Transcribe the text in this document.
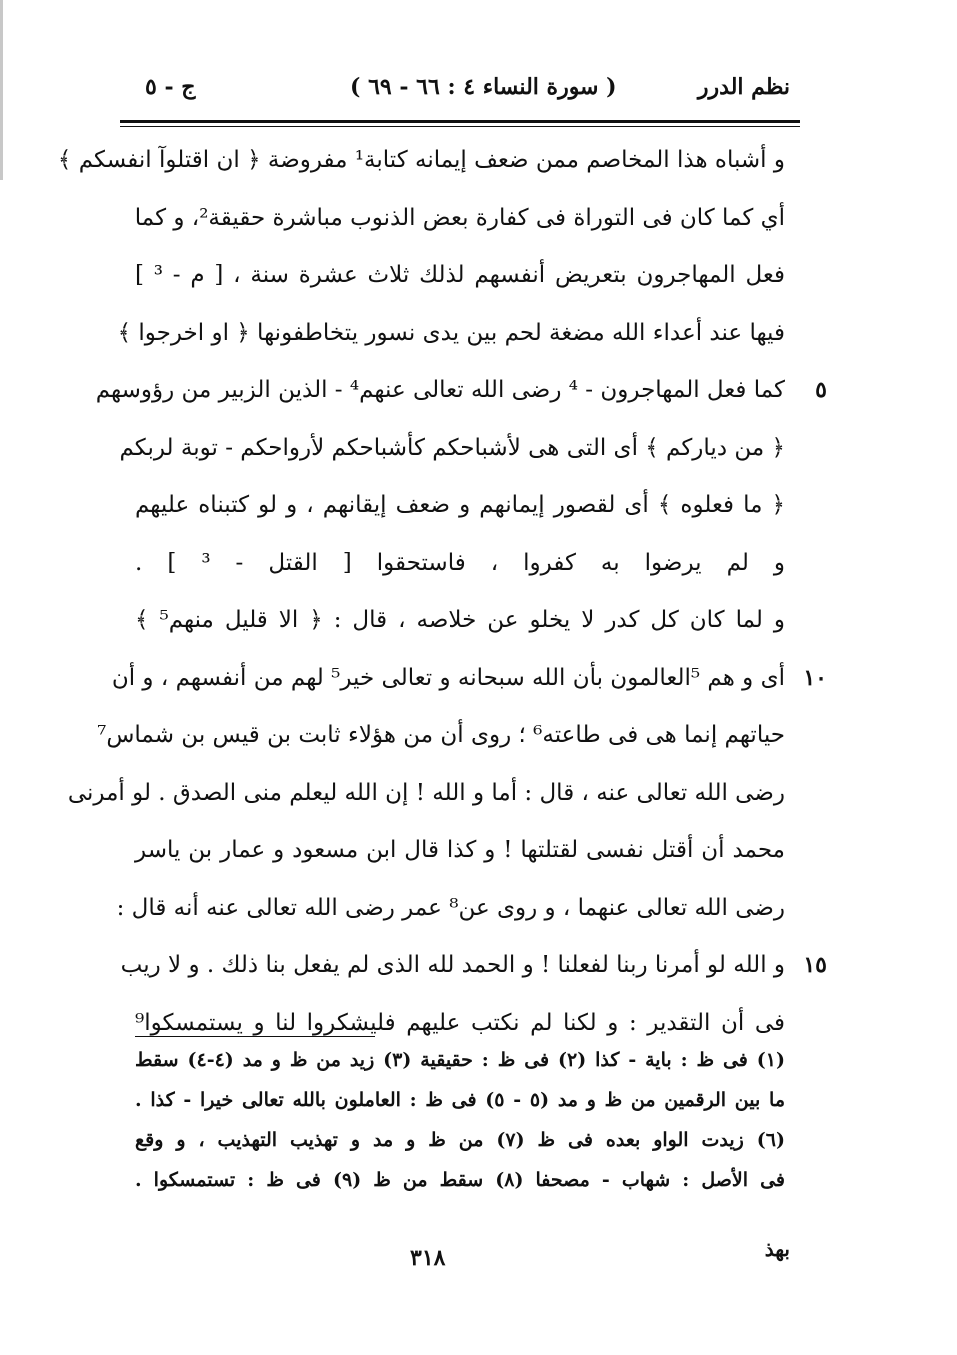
نظم الدرر
( سورة النساء ٤ : ٦٦ - ٦٩ )
ج - ٥
و أشباه هذا المخاصم ممن ضعف إيمانه كتابة¹ مفروضة ﴿ ان اقتلوآ انفسكم ﴾
أي كما كان فى التوراة فى كفارة بعض الذنوب مباشرة حقيقة²، و كما
فعل المهاجرون بتعريض أنفسهم لذلك ثلاث عشرة سنة ، [ م - ³ ]
فيها عند أعداء الله مضغة لحم بين يدى نسور يتخاطفونها ﴿ او اخرجوا ﴾
٥
كما فعل المهاجرون - ⁴ رضى الله تعالى عنهم⁴ - الذين الزبير من رؤوسهم
﴿ من دياركم ﴾ أى التى هى لأشباحكم كأشباحكم لأرواحكم - توبة لربكم
﴿ ما فعلوه ﴾ أى لقصور إيمانهم و ضعف إيقانهم ، و لو كتبناه عليهم
و لم يرضوا به كفروا ، فاستحقوا [ القتل - ³ ] .
و لما كان كل كدر لا يخلو عن خلاصه ، قال : ﴿ الا قليل منهم⁵ ﴾
١٠
أى و هم ⁵العالمون بأن الله سبحانه و تعالى خير⁵ لهم من أنفسهم ، و أن
حياتهم إنما هى فى طاعته⁶ ؛ روى أن من هؤلاء ثابت بن قيس بن شماس⁷
رضى الله تعالى عنه ، قال : أما و الله ! إن الله ليعلم منى الصدق . لو أمرنى
محمد أن أقتل نفسى لقتلتها ! و كذا قال ابن مسعود و عمار بن ياسر
رضى الله تعالى عنهما ، و روى عن⁸ عمر رضى الله تعالى عنه أنه قال :
١٥
و الله لو أمرنا ربنا لفعلنا ! و الحمد لله الذى لم يفعل بنا ذلك . و لا ريب
فى أن التقدير : و لكنا لم نكتب عليهم فليشكروا لنا و يستمسكوا⁹
(١) فى ظ : باية - كذا (٢) فى ظ : حقيقية (٣) زيد من ظ و مد (٤-٤) سقط
ما بين الرقمين من ظ و مد (٥ - ٥) فى ظ : العاملون بالله تعالى خيرا - كذا .
(٦) زيدت الواو بعده فى ظ (٧) من ظ و مد و تهذيب التهذيب ، و وقع
فى الأصل : شهاب - مصحفا (٨) سقط من ظ (٩) فى ظ : تستمسكوا .
بهذ
٣١٨
